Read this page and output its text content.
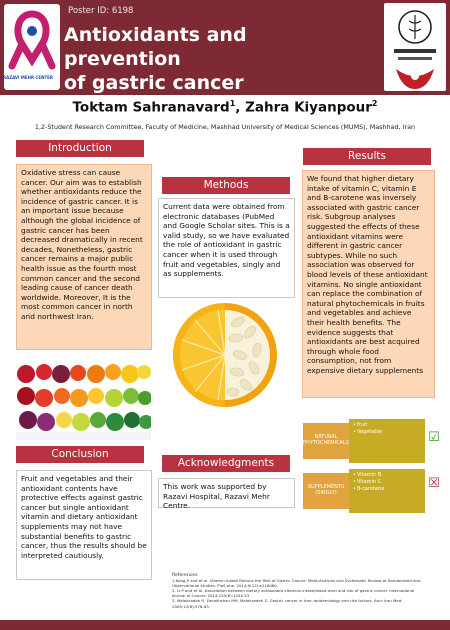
RAZAVI MEHR CENTER
Poster ID: 6198
Antioxidants and prevention
of gastric cancer
Toktam Sahranavard$^1$, Zahra Kiyanpour$^2$
1,2-Student Research Committee, Faculty of Medicine, Mashhad University of Medical Sciences (MUMS), Mashhad, Iran
Introduction
Oxidative stress can cause cancer. Our aim was to establish whether antioxidants reduce the incidence of gastric cancer. It is an important issue because although the global incidence of gastric cancer has been decreased dramatically in recent decades, Nonetheless, gastric cancer remains a major public health issue as the fourth most common cancer and the second leading cause of cancer death worldwide. Moreover, It is the most common cancer in north and northwest Iran.
Conclusion
Fruit and vegetables and their antioxidant contents have protective effects against gastric cancer but single antioxidant vitamin and dietary antioxidant supplements may not have substantial benefits to gastric cancer, thus the results should be interpreted cautiously.
Methods
Current data were obtained from electronic databases (PubMed and Google Scholar sites. This is a valid study, so we have evaluated the role of antioxidant in gastric cancer when it is used through fruit and vegetables, singly and as supplements.
Acknowledgments
This work was supported by Razavi Hospital, Razavi Mehr Centre.
Results
We found that higher dietary intake of vitamin C, vitamin E and B-carotene was inversely associated with gastric cancer risk. Subgroup analyses suggested the effects of these antioxidant vitamins were different in gastric cancer subtypes. While no such association was observed for blood levels of these antioxidant vitamins. No single antioxidant can replace the combination of natural phytochemicals in fruits and vegetables and achieve their health benefits. The evidence suggests that antioxidants are best acquired through whole food consumption, not from expensive dietary supplements
NATURAL
PHYTOCHEMICALS
• fruit
• Vegetable	☑
SUPPLEMENTS
(SINGLY)
• Vitamin B
• Vitamin C
• B-carotene	☒
References
1.Kong P and et al. Vitamin Intake Reduce the Risk of Gastric Cancer: Meta-Analysis and Systematic Review of Randomized and Observational Studies. PloS one. 2014;9(12):e116060.
2. Li P and et al. Association between dietary antioxidant vitamins intake/blood level and risk of gastric cancer. International Journal of Cancer. 2014;135(6):1444-53.
3. Malekzadeh R, Derakhshan MH, Malekzadeh Z. Gastric cancer in Iran: epidemiology and risk factors. Arch Iran Med. 2009;12(6):576-83.
